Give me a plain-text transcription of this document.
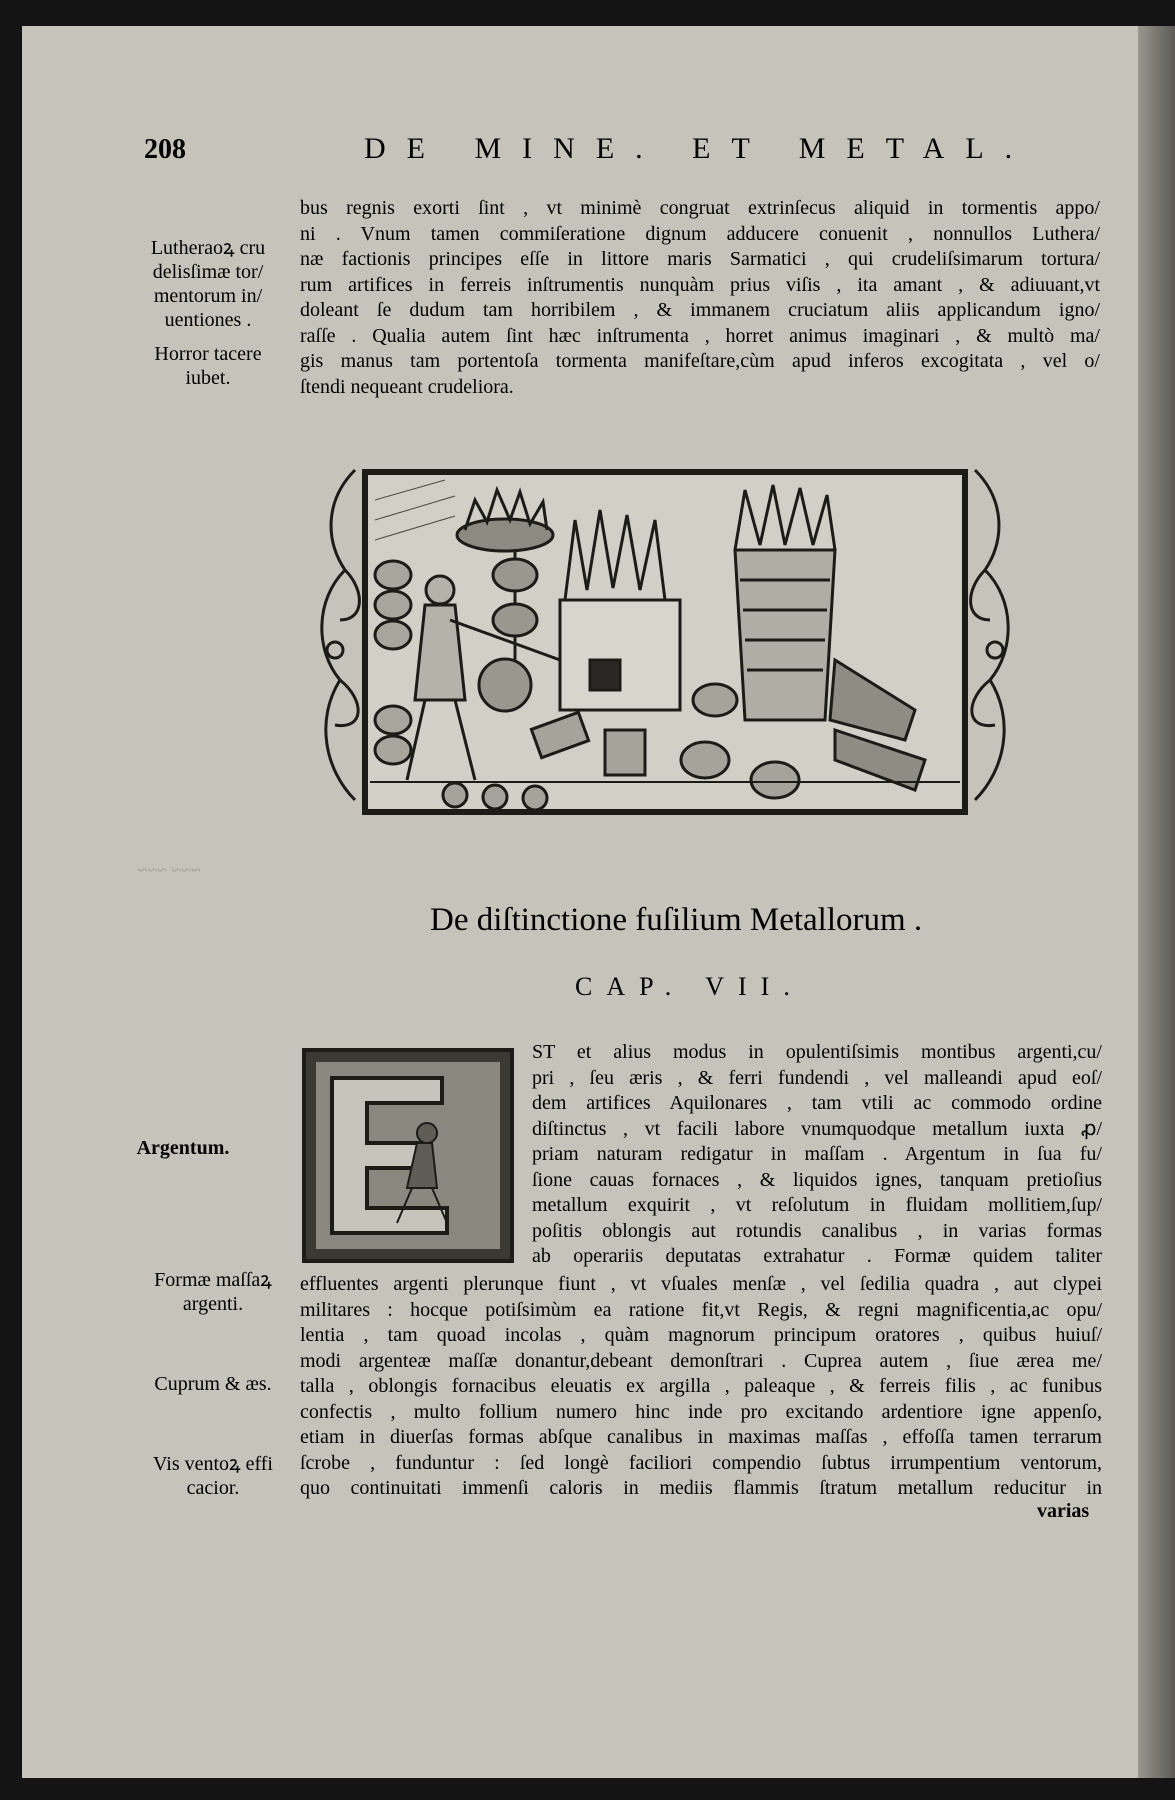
208	DE MINE. ET METAL.
~~~ ~~~
Lutheraoꝝ cru
delisſimæ tor/
mentorum in/
uentiones .
Horror tacere
iubet.
Argentum.
Formæ maſſaꝝ
argenti.
Cuprum & æs.
Vis ventoꝝ effi
cacior.
bus regnis exorti ſint , vt minimè congruat extrinſecus aliquid in tormentis appo/
ni . Vnum tamen commiſeratione dignum adducere conuenit , nonnullos Luthera/
næ factionis principes eſſe in littore maris Sarmatici , qui crudeliſsimarum tortura/
rum artifices in ferreis inſtrumentis nunquàm prius viſis , ita amant , & adiuuant,vt
doleant ſe dudum tam horribilem , & immanem cruciatum aliis applicandum igno/
raſſe . Qualia autem ſint hæc inſtrumenta , horret animus imaginari , & multò ma/
gis manus tam portentoſa tormenta manifeſtare,cùm apud inferos excogitata , vel o/
ſtendi nequeant crudeliora.
De diſtinctione fuſilium Metallorum .
CAP. VII.
ST et alius modus in opulentiſsimis montibus argenti,cu/
pri , ſeu æris , & ferri fundendi , vel malleandi apud eoſ/
dem artifices Aquilonares , tam vtili ac commodo ordine
diſtinctus , vt facili labore vnumquodque metallum iuxta ꝓ/
priam naturam redigatur in maſſam . Argentum in ſua fu/
ſione cauas fornaces , & liquidos ignes, tanquam pretioſius
metallum exquirit , vt reſolutum in fluidam mollitiem,ſup/
poſitis oblongis aut rotundis canalibus , in varias formas
ab operariis deputatas extrahatur . Formæ quidem taliter
effluentes argenti plerunque fiunt , vt vſuales menſæ , vel ſedilia quadra , aut clypei
militares : hocque potiſsimùm ea ratione fit,vt Regis, & regni magnificentia,ac opu/
lentia , tam quoad incolas , quàm magnorum principum oratores , quibus huiuſ/
modi argenteæ maſſæ donantur,debeant demonſtrari . Cuprea autem , ſiue ærea me/
talla , oblongis fornacibus eleuatis ex argilla , paleaque , & ferreis filis , ac funibus
confectis , multo follium numero hinc inde pro excitando ardentiore igne appenſo,
etiam in diuerſas formas abſque canalibus in maximas maſſas , effoſſa tamen terrarum
ſcrobe , funduntur : ſed longè faciliori compendio ſubtus irrumpentium ventorum,
quo continuitati immenſi caloris in mediis flammis ſtratum metallum reducitur in
varias
